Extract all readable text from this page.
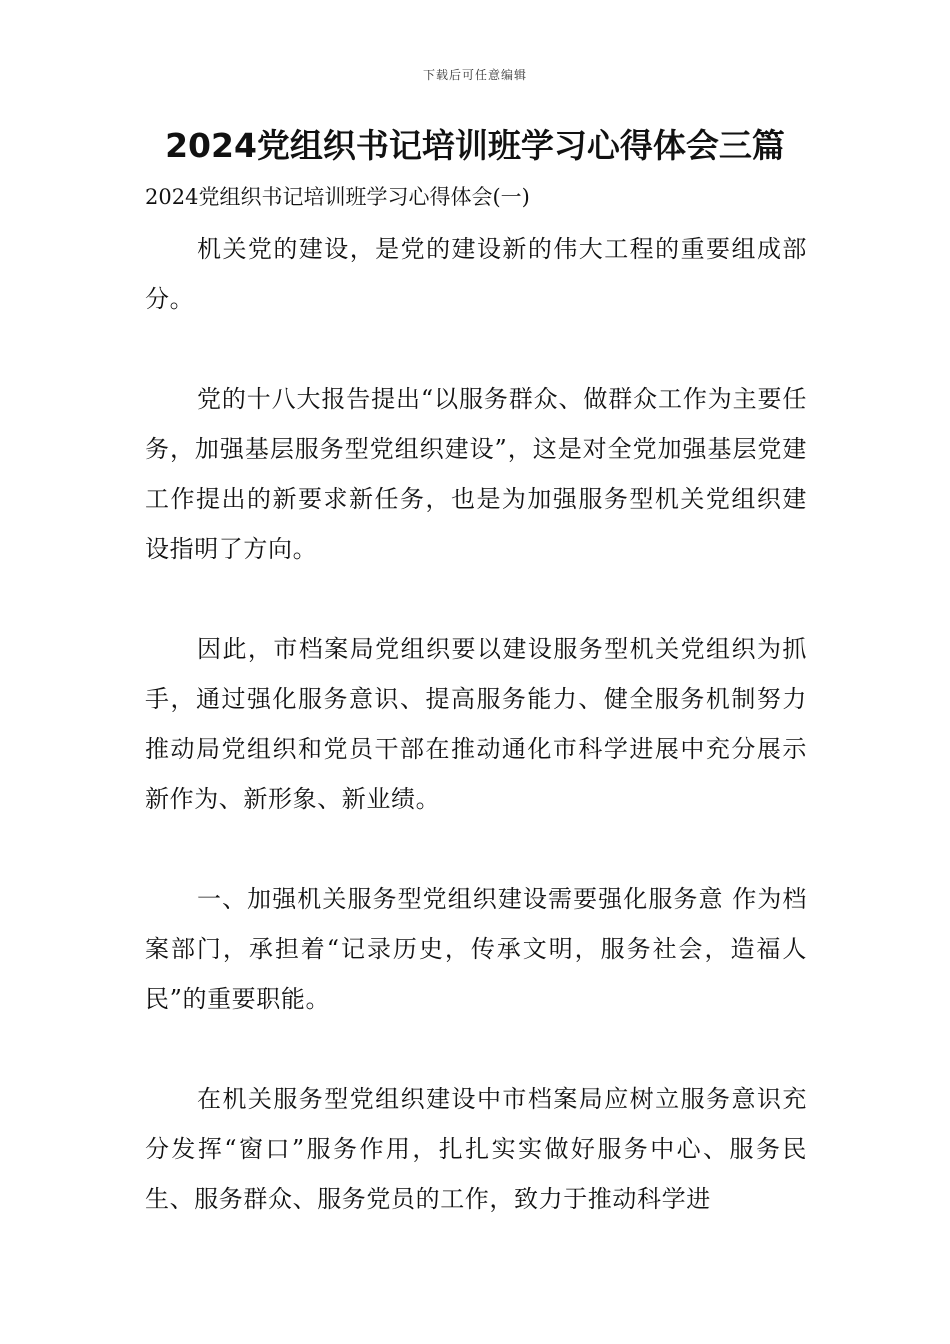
下载后可任意编辑
2024党组织书记培训班学习心得体会三篇

2024党组织书记培训班学习心得体会(一)

机关党的建设，是党的建设新的伟大工程的重要组成部分。

党的十八大报告提出“以服务群众、做群众工作为主要任务，加强基层服务型党组织建设”，这是对全党加强基层党建工作提出的新要求新任务，也是为加强服务型机关党组织建设指明了方向。

因此，市档案局党组织要以建设服务型机关党组织为抓手，通过强化服务意识、提高服务能力、健全服务机制努力推动局党组织和党员干部在推动通化市科学进展中充分展示新作为、新形象、新业绩。

一、加强机关服务型党组织建设需要强化服务意 作为档案部门，承担着“记录历史，传承文明，服务社会，造福人民”的重要职能。

在机关服务型党组织建设中市档案局应树立服务意识充分发挥“窗口”服务作用，扎扎实实做好服务中心、服务民生、服务群众、服务党员的工作，致力于推动科学进
